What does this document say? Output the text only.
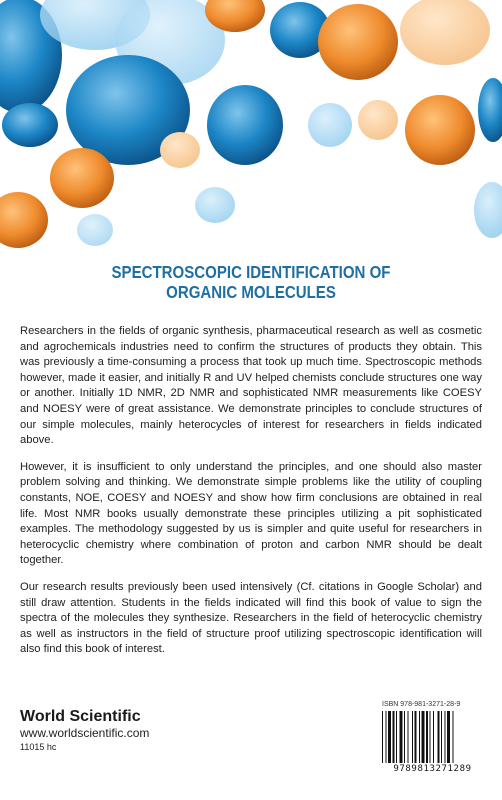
SPECTROSCOPIC IDENTIFICATION OF
ORGANIC MOLECULES

Researchers in the fields of organic synthesis, pharmaceutical research as well as cosmetic and agrochemicals industries need to confirm the structures of products they obtain. This was previously a time-consuming a process that took up much time. Spectroscopic methods however, made it easier, and initially R and UV helped chemists conclude structures one way or another. Initially 1D NMR, 2D NMR and sophisticated NMR measurements like COESY and NOESY were of great assistance. We demonstrate principles to conclude structures of our simple molecules, mainly heterocycles of interest for researchers in fields indicated above.

However, it is insufficient to only understand the principles, and one should also master problem solving and thinking. We demonstrate simple problems like the utility of coupling constants, NOE, COESY and NOESY and show how firm conclusions are obtained in real life. Most NMR books usually demonstrate these principles utilizing a pit sophisticated examples. The methodology suggested by us is simpler and quite useful for researchers in heterocyclic chemistry where combination of proton and carbon NMR should be dealt together.

Our research results previously been used intensively (Cf. citations in Google Scholar) and still draw attention. Students in the fields indicated will find this book of value to sign the spectra of the molecules they synthesize. Researchers in the field of heterocyclic chemistry as well as instructors in the field of structure proof utilizing spectroscopic identification will also find this book of interest.

World Scientific
www.worldscientific.com
11015 hc
ISBN 978-981-3271-28-9
9789813271289
